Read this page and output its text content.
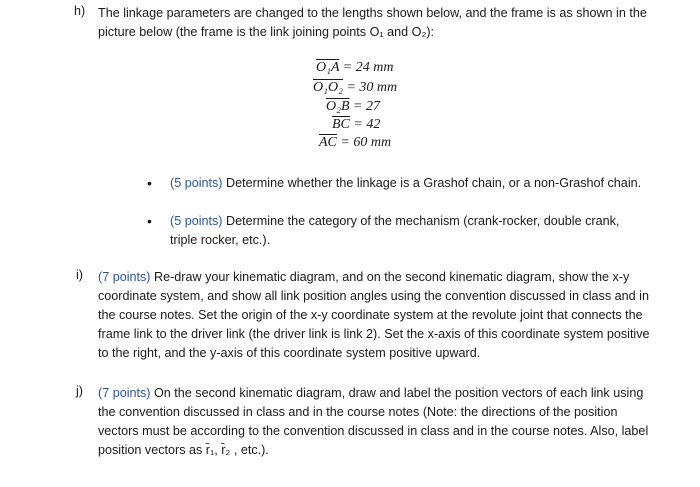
h) The linkage parameters are changed to the lengths shown below, and the frame is as shown in the picture below (the frame is the link joining points O₁ and O₂):
O₁A = 24 mm
O₁O₂ = 30 mm
O₂B = 27
$\overline{BC} = 42$
$\overline{AC} = 60$ mm
• (5 points) Determine whether the linkage is a Grashof chain, or a non-Grashof chain.
• (5 points) Determine the category of the mechanism (crank-rocker, double crank, triple rocker, etc.).
i) (7 points) Re-draw your kinematic diagram, and on the second kinematic diagram, show the x-y coordinate system, and show all link position angles using the convention discussed in class and in the course notes. Set the origin of the x-y coordinate system at the revolute joint that connects the frame link to the driver link (the driver link is link 2). Set the x-axis of this coordinate system positive to the right, and the y-axis of this coordinate system positive upward.
j) (7 points) On the second kinematic diagram, draw and label the position vectors of each link using the convention discussed in class and in the course notes (Note: the directions of the position vectors must be according to the convention discussed in class and in the course notes. Also, label position vectors as r̄₁, r̄₂ , etc.).
